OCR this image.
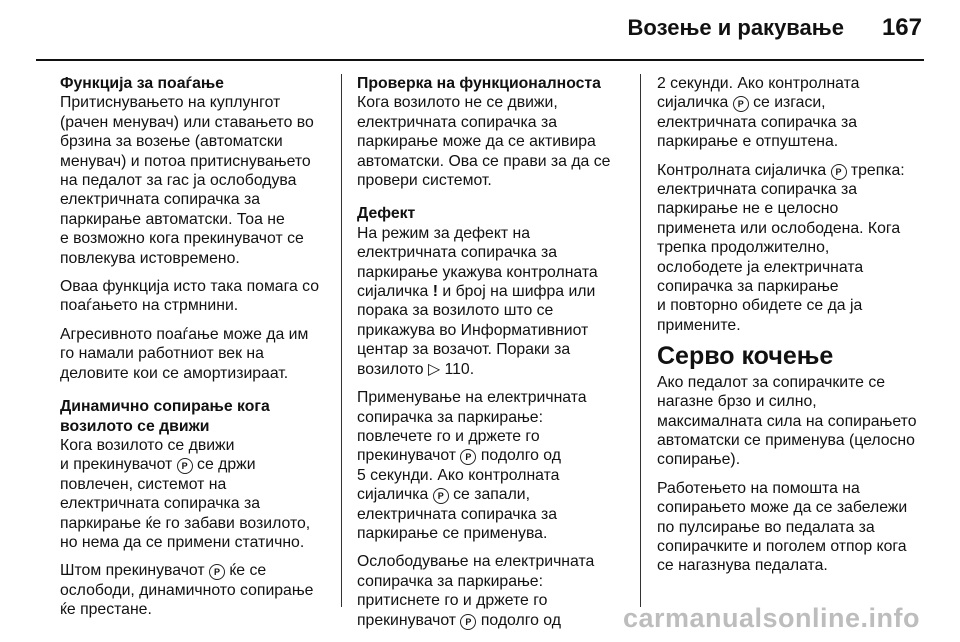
Возење и ракување 167
Функција за поаѓање
Притиснувањето на куплунгот
(рачен менувач) или ставањето во
брзина за возење (автоматски
менувач) и потоа притиснувањето
на педалот за гас ја ослободува
електричната сопирачка за
паркирање автоматски. Тоа не
е возможно кога прекинувачот се
повлекува истовремено.
Оваа функција исто така помага со
поаѓањето на стрмнини.
Агресивното поаѓање може да им
го намали работниот век на
деловите кои се амортизираат.
Динамично сопирање кога
возилото се движи
Кога возилото се движи
и прекинувачот P се држи
повлечен, системот на
електричната сопирачка за
паркирање ќе го забави возилото,
но нема да се примени статично.
Штом прекинувачот P ќе се
ослободи, динамичното сопирање
ќе престане.
Проверка на функционалноста
Кога возилото не се движи,
електричната сопирачка за
паркирање може да се активира
автоматски. Ова се прави за да се
провери системот.
Дефект
На режим за дефект на
електричната сопирачка за
паркирање укажува контролната
сијаличка ! и број на шифра или
порака за возилото што се
прикажува во Информативниот
центар за возачот. Пораки за
возилото ▷ 110.
Применувањe на електричната
сопирачка за паркирање:
повлечете го и држете го
прекинувачот P подолго од
5 секунди. Ако контролната
сијаличка P се запали,
електричната сопирачка за
паркирање се применува.
Ослободувањe на електричната
сопирачка за паркирање:
притиснете го и држете го
прекинувачот P подолго од
2 секунди. Ако контролната
сијаличка P се изгаси,
електричната сопирачка за
паркирање е отпуштена.
Контролната сијаличка P трепка:
електричната сопирачка за
паркирање не е целосно
применета или ослободена. Кога
трепка продолжително,
ослободете ја електричната
сопирачка за паркирање
и повторно обидете се да ја
примените.
Серво кочење
Ако педалот за сопирачките се
нагазне брзо и силно,
максималната сила на сопирањето
автоматски се применува (целосно
сопирање).
Работењето на помошта на
сопирањето може да се забележи
по пулсирање во педалата за
сопирачките и поголем отпор кога
се нагазнува педалата.
carmanualsonline.info
